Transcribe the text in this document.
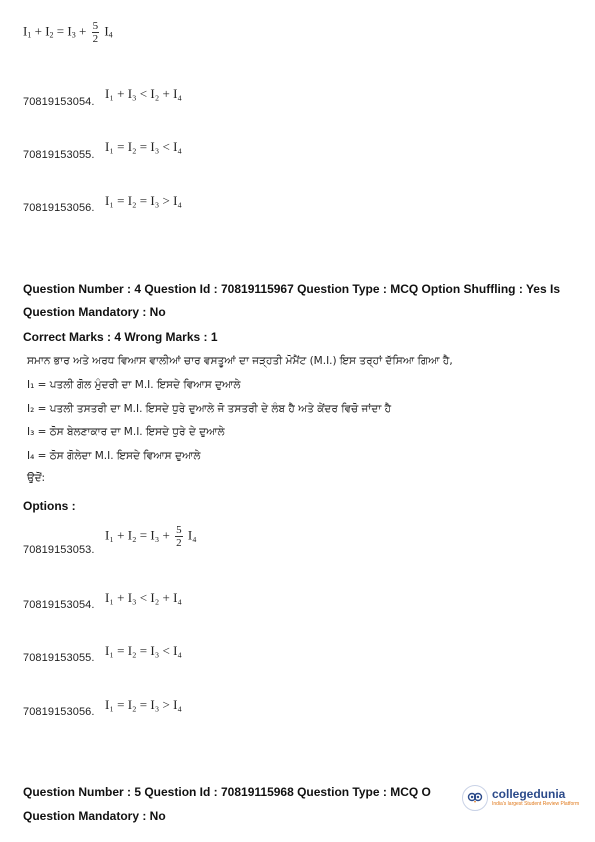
$I_1 + I_2 = I_3 + \frac{5}{2} I_4$
70819153054.
I₁ + I₃ < I₂ + I₄
70819153055.
I₁ = I₂ = I₃ < I₄
70819153056. I₁ = I₂ = I₃ > I₄
Question Number : 4 Question Id : 70819115967 Question Type : MCQ Option Shuffling : Yes Is
Question Mandatory : No
Correct Marks : 4 Wrong Marks : 1
ਸਮਾਨ ਭਾਰ ਅਤੇ ਅਰਧ ਵਿਆਸ ਵਾਲੀਆਂ ਚਾਰ ਵਸਤੂਆਂ ਦਾ ਜੜ੍ਹਤੀ ਮੋਮੈਂਟ (M.I.) ਇਸ ਤਰ੍ਹਾਂ ਦੱਸਿਆ ਗਿਆ ਹੈ,
I₁ = ਪਤਲੀ ਗੋਲ ਮੁੰਦਰੀ ਦਾ M.I. ਇਸਦੇ ਵਿਆਸ ਦੁਆਲੇ
I₂ = ਪਤਲੀ ਤਸਤਰੀ ਦਾ M.I. ਇਸਦੇ ਧੁਰੇ ਦੁਆਲੇ ਜੋ ਤਸਤਰੀ ਦੇ ਲੰਬ ਹੈ ਅਤੇ ਕੇਂਦਰ ਵਿਚੋ ਜਾਂਦਾ ਹੈ
I₃ = ਠੋਸ ਬੇਲਣਾਕਾਰ ਦਾ M.I. ਇਸਦੇ ਧੁਰੇ ਦੇ ਦੁਆਲੇ
I₄ = ਠੋਸ ਗੋਲੇਦਾ M.I. ਇਸਦੇ ਵਿਆਸ ਦੁਆਲੇ
ਉਦੋਂ:
Options :
70819153053.
$I_1 + I_2 = I_3 + \frac{5}{2} I_4$
70819153054. I₁ + I₃ < I₂ + I₄
70819153055. I₁ = I₂ = I₃ < I₄
70819153056. I₁ = I₂ = I₃ > I₄
Question Number : 5 Question Id : 70819115968 Question Type : MCQ O
Question Mandatory : No
collegedunia
India's largest Student Review Platform
